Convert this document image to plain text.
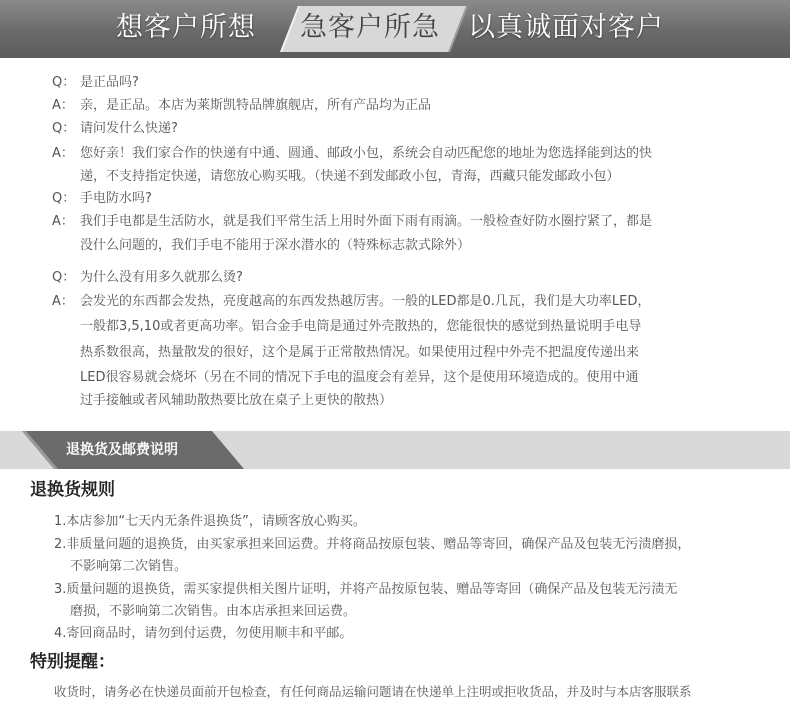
想客户所想	急客户所急	以真诚面对客户
Q： 是正品吗?
A： 亲，是正品。本店为莱斯凯特品牌旗舰店，所有产品均为正品
Q： 请问发什么快递?
A： 您好亲！我们家合作的快递有中通、圆通、邮政小包，系统会自动匹配您的地址为您选择能到达的快
递，不支持指定快递，请您放心购买哦。（快递不到发邮政小包，青海，西藏只能发邮政小包）
Q： 手电防水吗?
A： 我们手电都是生活防水，就是我们平常生活上用时外面下雨有雨滴。一般检查好防水圈拧紧了，都是
没什么问题的，我们手电不能用于深水潜水的（特殊标志款式除外）
Q： 为什么没有用多久就那么烫?
A： 会发光的东西都会发热，亮度越高的东西发热越厉害。一般的LED都是0.几瓦，我们是大功率LED，
一般都3,5,10或者更高功率。铝合金手电筒是通过外壳散热的，您能很快的感觉到热量说明手电导
热系数很高，热量散发的很好，这个是属于正常散热情况。如果使用过程中外壳不把温度传递出来
LED很容易就会烧坏（另在不同的情况下手电的温度会有差异，这个是使用环境造成的。使用中通
过手接触或者风辅助散热要比放在桌子上更快的散热）
退换货及邮费说明
退换货规则
1.本店参加“七天内无条件退换货”，请顾客放心购买。
2.非质量问题的退换货，由买家承担来回运费。并将商品按原包装、赠品等寄回，确保产品及包装无污渍磨损，
不影响第二次销售。
3.质量问题的退换货，需买家提供相关图片证明，并将产品按原包装、赠品等寄回（确保产品及包装无污渍无
磨损，不影响第二次销售。由本店承担来回运费。
4.寄回商品时，请勿到付运费，勿使用顺丰和平邮。
特别提醒：
收货时，请务必在快递员面前开包检查，有任何商品运输问题请在快递单上注明或拒收货品，并及时与本店客服联系
